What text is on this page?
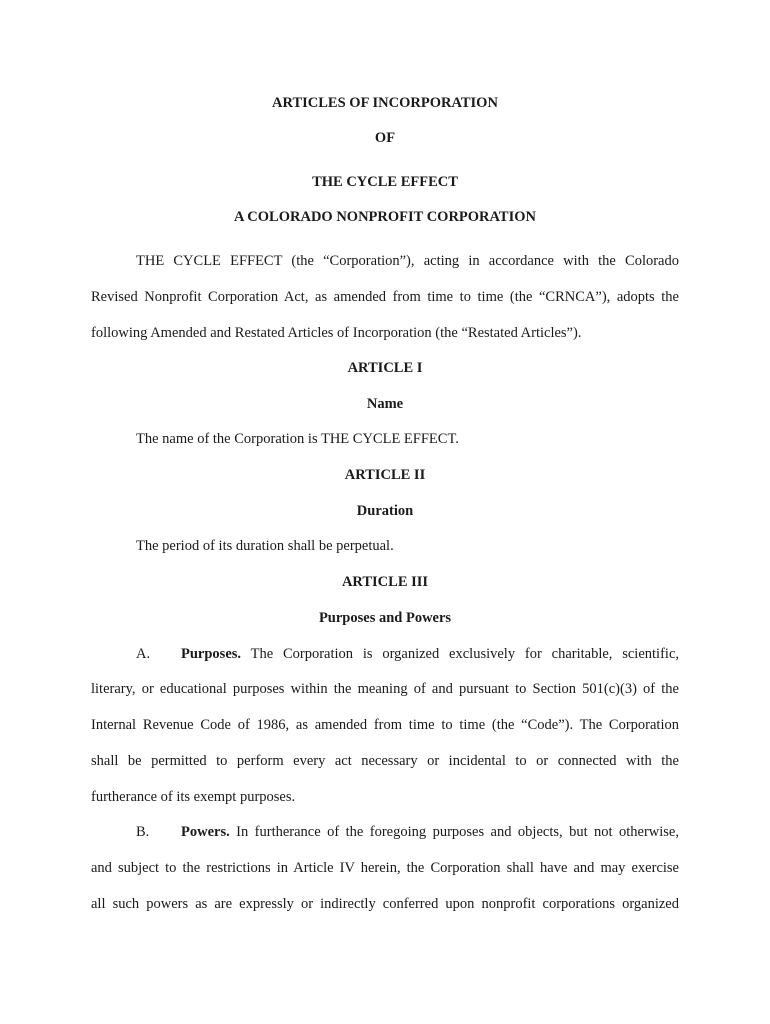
ARTICLES OF INCORPORATION
OF
THE CYCLE EFFECT
A COLORADO NONPROFIT CORPORATION
THE CYCLE EFFECT (the “Corporation”), acting in accordance with the Colorado
Revised Nonprofit Corporation Act, as amended from time to time (the “CRNCA”), adopts the
following Amended and Restated Articles of Incorporation (the “Restated Articles”).
ARTICLE I
Name
The name of the Corporation is THE CYCLE EFFECT.
ARTICLE II
Duration
The period of its duration shall be perpetual.
ARTICLE III
Purposes and Powers
A. Purposes. The Corporation is organized exclusively for charitable, scientific,
literary, or educational purposes within the meaning of and pursuant to Section 501(c)(3) of the
Internal Revenue Code of 1986, as amended from time to time (the “Code”). The Corporation
shall be permitted to perform every act necessary or incidental to or connected with the
furtherance of its exempt purposes.
B. Powers. In furtherance of the foregoing purposes and objects, but not otherwise,
and subject to the restrictions in Article IV herein, the Corporation shall have and may exercise
all such powers as are expressly or indirectly conferred upon nonprofit corporations organized
